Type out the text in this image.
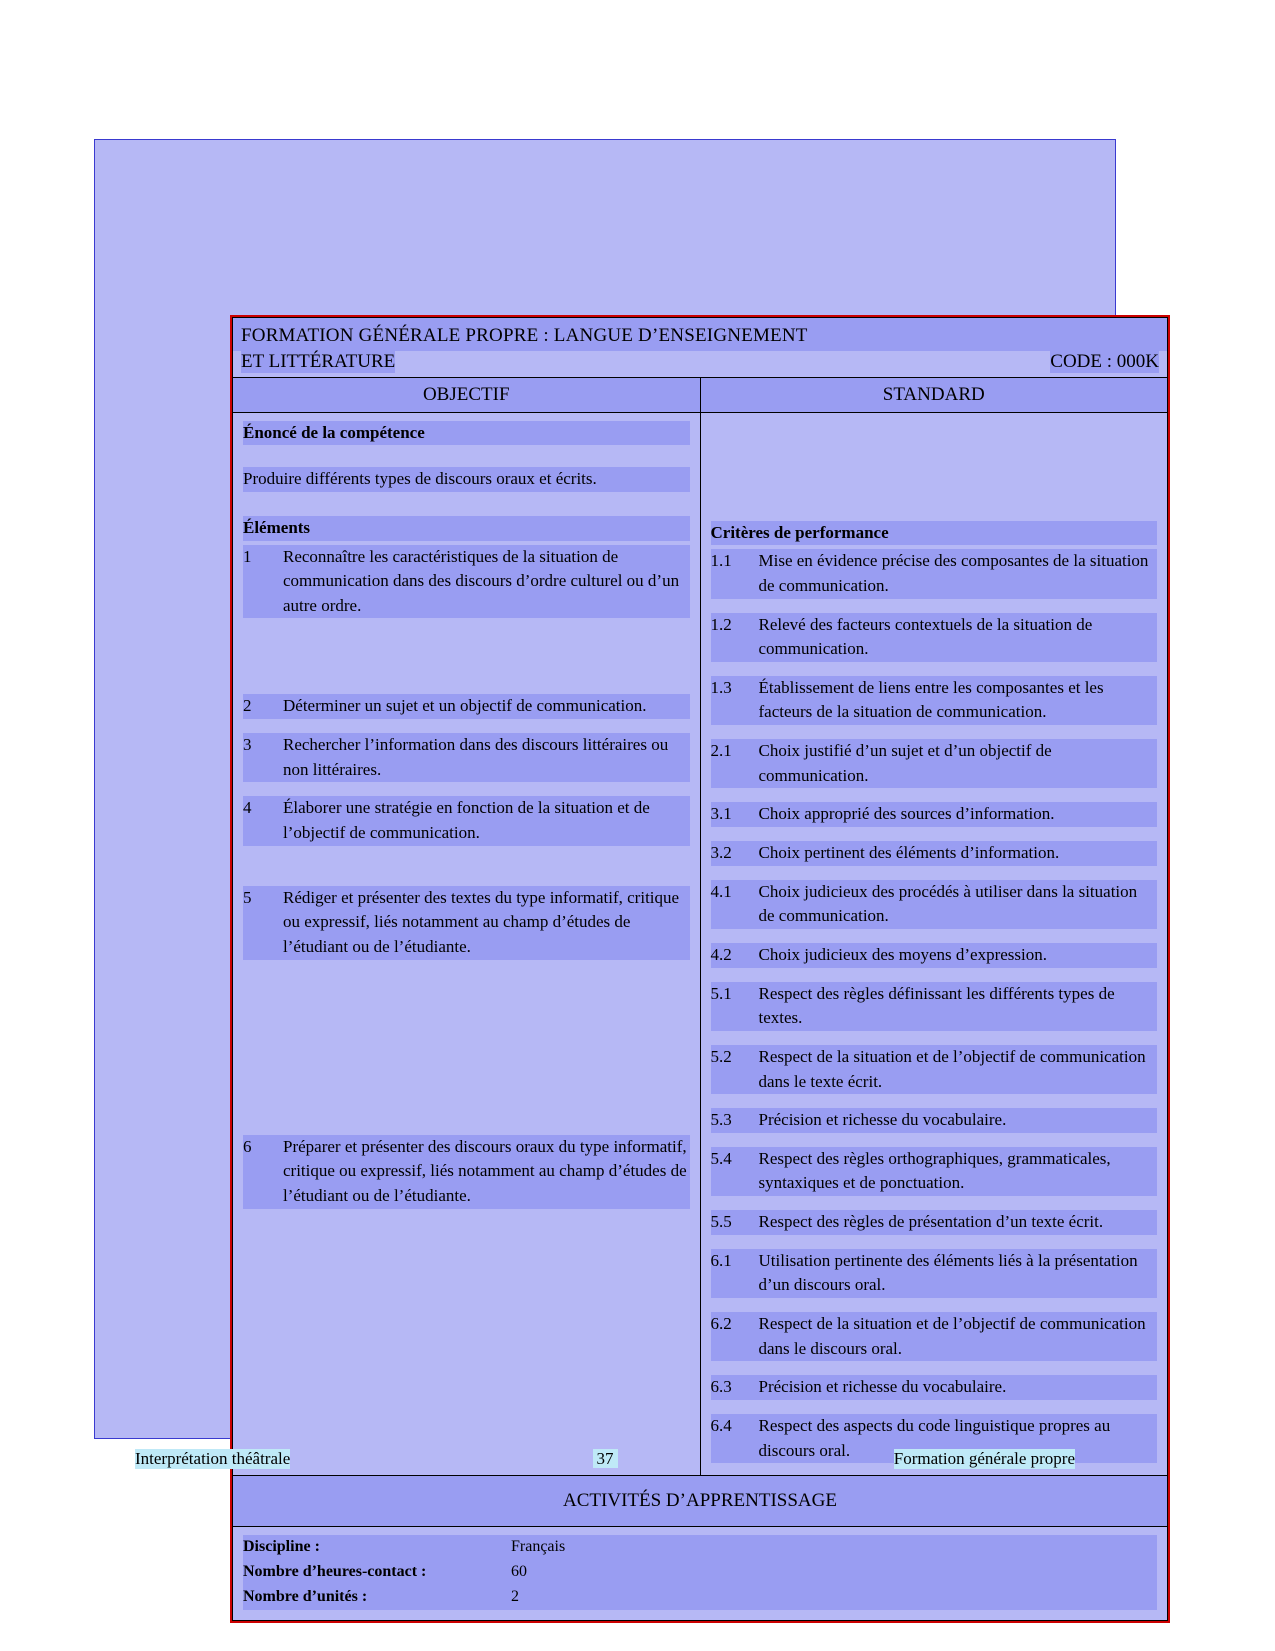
FORMATION GÉNÉRALE PROPRE : LANGUE D’ENSEIGNEMENT
ET LITTÉRATURE CODE : 000K	

OBJECTIF	STANDARD

Énoncé de la compétence
Produire différents types de discours oraux et écrits.
Éléments
1	Reconnaître les caractéristiques de la situation de communication dans des discours d’ordre culturel ou d’un autre ordre.
2	Déterminer un sujet et un objectif de communication.
3	Rechercher l’information dans des discours littéraires ou non littéraires.
4	Élaborer une stratégie en fonction de la situation et de l’objectif de communication.
5	Rédiger et présenter des textes du type informatif, critique ou expressif, liés notamment au champ d’études de l’étudiant ou de l’étudiante.
6	Préparer et présenter des discours oraux du type informatif, critique ou expressif, liés notamment au champ d’études de l’étudiant ou de l’étudiante.

Critères de performance
1.1	Mise en évidence précise des composantes de la situation de communication.
1.2	Relevé des facteurs contextuels de la situation de communication.
1.3	Établissement de liens entre les composantes et les facteurs de la situation de communication.
2.1	Choix justifié d’un sujet et d’un objectif de communication.
3.1	Choix approprié des sources d’information.
3.2	Choix pertinent des éléments d’information.
4.1	Choix judicieux des procédés à utiliser dans la situation de communication.
4.2	Choix judicieux des moyens d’expression.
5.1	Respect des règles définissant les différents types de textes.
5.2	Respect de la situation et de l’objectif de communication dans le texte écrit.
5.3	Précision et richesse du vocabulaire.
5.4	Respect des règles orthographiques, grammaticales, syntaxiques et de ponctuation.
5.5	Respect des règles de présentation d’un texte écrit.
6.1	Utilisation pertinente des éléments liés à la présentation d’un discours oral.
6.2	Respect de la situation et de l’objectif de communication dans le discours oral.
6.3	Précision et richesse du vocabulaire.
6.4	Respect des aspects du code linguistique propres au discours oral.

ACTIVITÉS D’APPRENTISSAGE	

Discipline :	Français
Nombre d’heures-contact :	60
Nombre d’unités :	2
Interprétation théâtrale	37	Formation générale propre
